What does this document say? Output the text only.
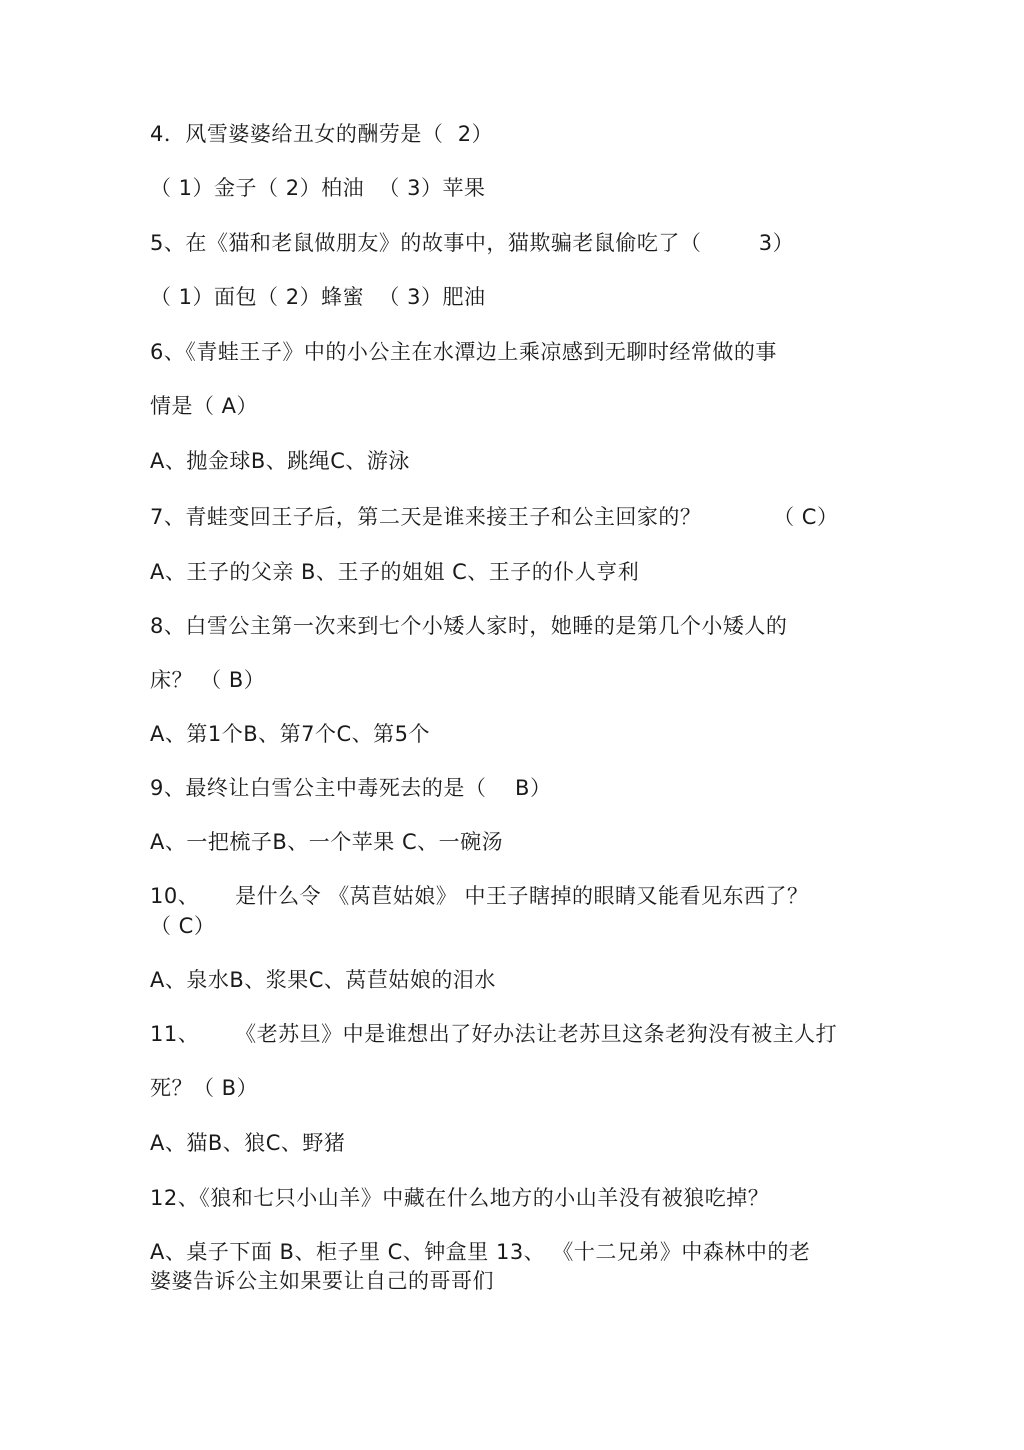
4．风雪婆婆给丑女的酬劳是（  2）
（ 1）金子（ 2）柏油  （ 3）苹果
5、在《猫和老鼠做朋友》的故事中，猫欺骗老鼠偷吃了（        3）
（ 1）面包（ 2）蜂蜜  （ 3）肥油
6、《青蛙王子》中的小公主在水潭边上乘凉感到无聊时经常做的事
情是（ A）
A、抛金球B、跳绳C、游泳
7、青蛙变回王子后，第二天是谁来接王子和公主回家的？          （ C）
A、王子的父亲 B、王子的姐姐 C、王子的仆人亨利
8、白雪公主第一次来到七个小矮人家时，她睡的是第几个小矮人的
床？ （ B）
A、第1个B、第7个C、第5个
9、最终让白雪公主中毒死去的是（    B）
A、一把梳子B、一个苹果 C、一碗汤
10、     是什么令 《莴苣姑娘》 中王子瞎掉的眼睛又能看见东西了？
（ C）
A、泉水B、浆果C、莴苣姑娘的泪水
11、     《老苏旦》中是谁想出了好办法让老苏旦这条老狗没有被主人打
死？（ B）
A、猫B、狼C、野猪
12、《狼和七只小山羊》中藏在什么地方的小山羊没有被狼吃掉？
A、桌子下面 B、柜子里 C、钟盒里 13、 《十二兄弟》中森林中的老
婆婆告诉公主如果要让自己的哥哥们
